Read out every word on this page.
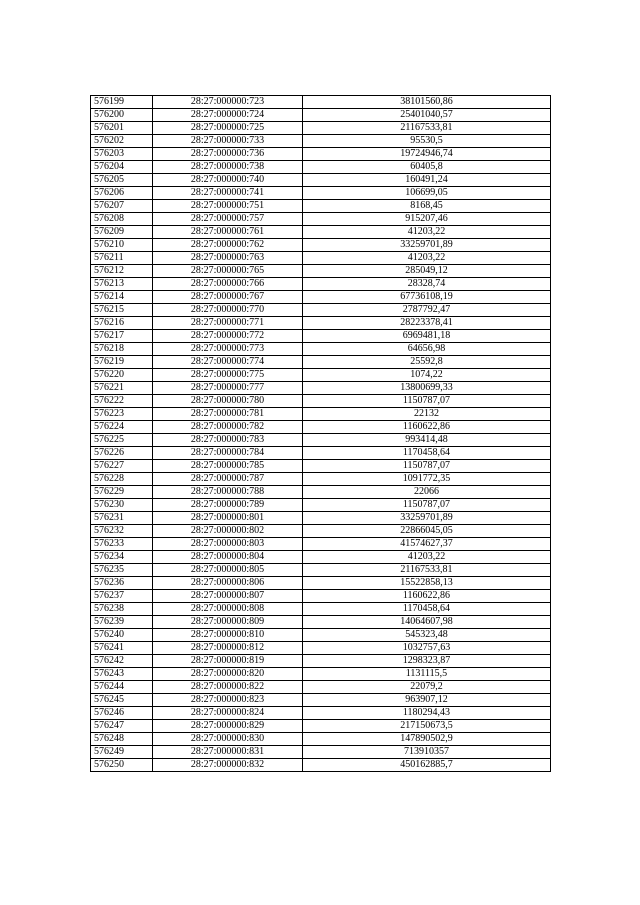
576199	28:27:000000:723	38101560,86
576200	28:27:000000:724	25401040,57
576201	28:27:000000:725	21167533,81
576202	28:27:000000:733	95530,5
576203	28:27:000000:736	19724946,74
576204	28:27:000000:738	60405,8
576205	28:27:000000:740	160491,24
576206	28:27:000000:741	106699,05
576207	28:27:000000:751	8168,45
576208	28:27:000000:757	915207,46
576209	28:27:000000:761	41203,22
576210	28:27:000000:762	33259701,89
576211	28:27:000000:763	41203,22
576212	28:27:000000:765	285049,12
576213	28:27:000000:766	28328,74
576214	28:27:000000:767	67736108,19
576215	28:27:000000:770	2787792,47
576216	28:27:000000:771	28223378,41
576217	28:27:000000:772	6969481,18
576218	28:27:000000:773	64656,98
576219	28:27:000000:774	25592,8
576220	28:27:000000:775	1074,22
576221	28:27:000000:777	13800699,33
576222	28:27:000000:780	1150787,07
576223	28:27:000000:781	22132
576224	28:27:000000:782	1160622,86
576225	28:27:000000:783	993414,48
576226	28:27:000000:784	1170458,64
576227	28:27:000000:785	1150787,07
576228	28:27:000000:787	1091772,35
576229	28:27:000000:788	22066
576230	28:27:000000:789	1150787,07
576231	28:27:000000:801	33259701,89
576232	28:27:000000:802	22866045,05
576233	28:27:000000:803	41574627,37
576234	28:27:000000:804	41203,22
576235	28:27:000000:805	21167533,81
576236	28:27:000000:806	15522858,13
576237	28:27:000000:807	1160622,86
576238	28:27:000000:808	1170458,64
576239	28:27:000000:809	14064607,98
576240	28:27:000000:810	545323,48
576241	28:27:000000:812	1032757,63
576242	28:27:000000:819	1298323,87
576243	28:27:000000:820	1131115,5
576244	28:27:000000:822	22079,2
576245	28:27:000000:823	963907,12
576246	28:27:000000:824	1180294,43
576247	28:27:000000:829	217150673,5
576248	28:27:000000:830	147890502,9
576249	28:27:000000:831	713910357
576250	28:27:000000:832	450162885,7
